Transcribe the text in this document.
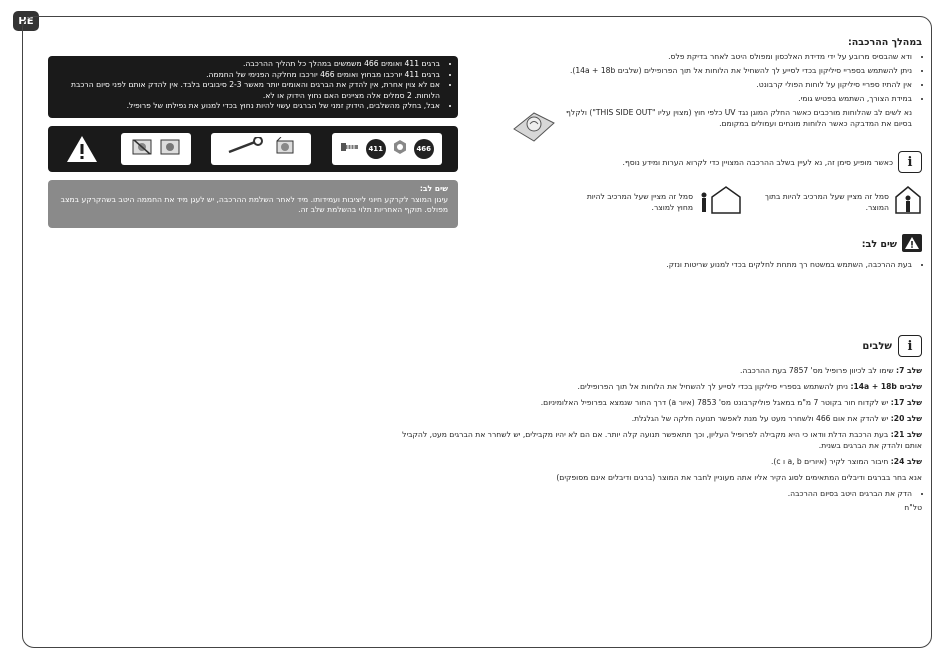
HE
• ברגים 411 ואומים 466 משמשים במהלך כל תהליך ההרכבה.
• ברגים 411 יורכבו מבחוץ ואומים 466 יורכבו מחלקה הפנימי של החממה.
• אם לא צוין אחרת, אין להדק את הברגים והאומים יותר מאשר 2-3 סיבובים בלבד. אין להדק אותם לפני סיום הרכבת הלוחות. 2 סמלים אלה מציינים האם נחוץ הידוק או לא.
• אבל, בחלק מהשלבים, הידוק זמני של הברגים עשוי להיות נחוץ בכדי למנוע את נפילתו של פרופיל.
411	466
שים לב:
עיגון המוצר לקרקע חיוני ליציבות ועמידותו. מיד לאחר השלמת ההרכבה, יש לעגן מיד את החממה היטב בשהקרקע במצב מפולס. תוקף האחריות תלוי בהשלמת שלב זה.
במהלך ההרכבה:
• ודא שהבסיס מרובע על ידי מדידת האלכסון ומפולס היטב לאחר בדיקת פלס.
• ניתן להשתמש בספריי סיליקון בכדי לסייע לך להשחיל את הלוחות אל תוך הפרופילים (שלבים 14a + 18b).
• אין להתיז ספריי סיליקון על לוחות הפולי קרבונט.
• במידת הצורך, השתמש בפטיש גומי.
נא לשים לב שהלוחות מורכבים כאשר החלק המוגן נגד UV כלפי חוץ (מצוין עליו "THIS SIDE OUT") ולקלף בסיום את המדבקה כאשר הלוחות מונחים ועמולים במקומם.
i
כאשר מופיע סימן זה, נא לעיין בשלב ההרכבה המצויין כדי לקרוא הערות ומידע נוסף.
סמל זה מציין שעל המרכיב להיות בתוך המוצר.
סמל זה מציין שעל המרכיב להיות מחוץ למוצר.
שים לב:
• בעת ההרכבה, השתמש במשטח רך מתחת לחלקים בכדי למנוע שריטות ונזק.
i
שלבים

שלב 7: שימו לב לכיוון פרופיל מס' 7857 בעת ההרכבה.

שלבים 14a + 18b: ניתן להשתמש בספריי סיליקון בכדי לסייע לך להשחיל את הלוחות אל תוך הפרופילים.

שלב 17: יש לקדוח חור בקוטר 7 מ"מ במאגל פוליקרבונט מס' 7853 (איור a) דרך החור שנמצא בפרופיל האלומיניום.

שלב 20: יש להדק את אום 466 ולשחרר מעט על מנת לאפשר תנועה חלקה של הגלגלת.

שלב 21: בעת הרכבת הדלת וודאו כי היא מקבילה לפרופיל העליון, וכך תתאפשר תנועה קלה יותר. אם הם לא יהיו מקבילים, יש לשחרר את הברגים מעט, להקביל אותם ולהדק את הברגים בשנית.

שלב 24: חיבור המוצר לקיר (איורים a, b ו c).

אנא בחר בברגים ודיבלים המתאימים לסוג הקיר אליו אתה מעוניין לחבר את המוצר (ברגים ודיבלים אינם מסופקים)

• הדק את הברגים היטב בסיום ההרכבה.

טל"ח
